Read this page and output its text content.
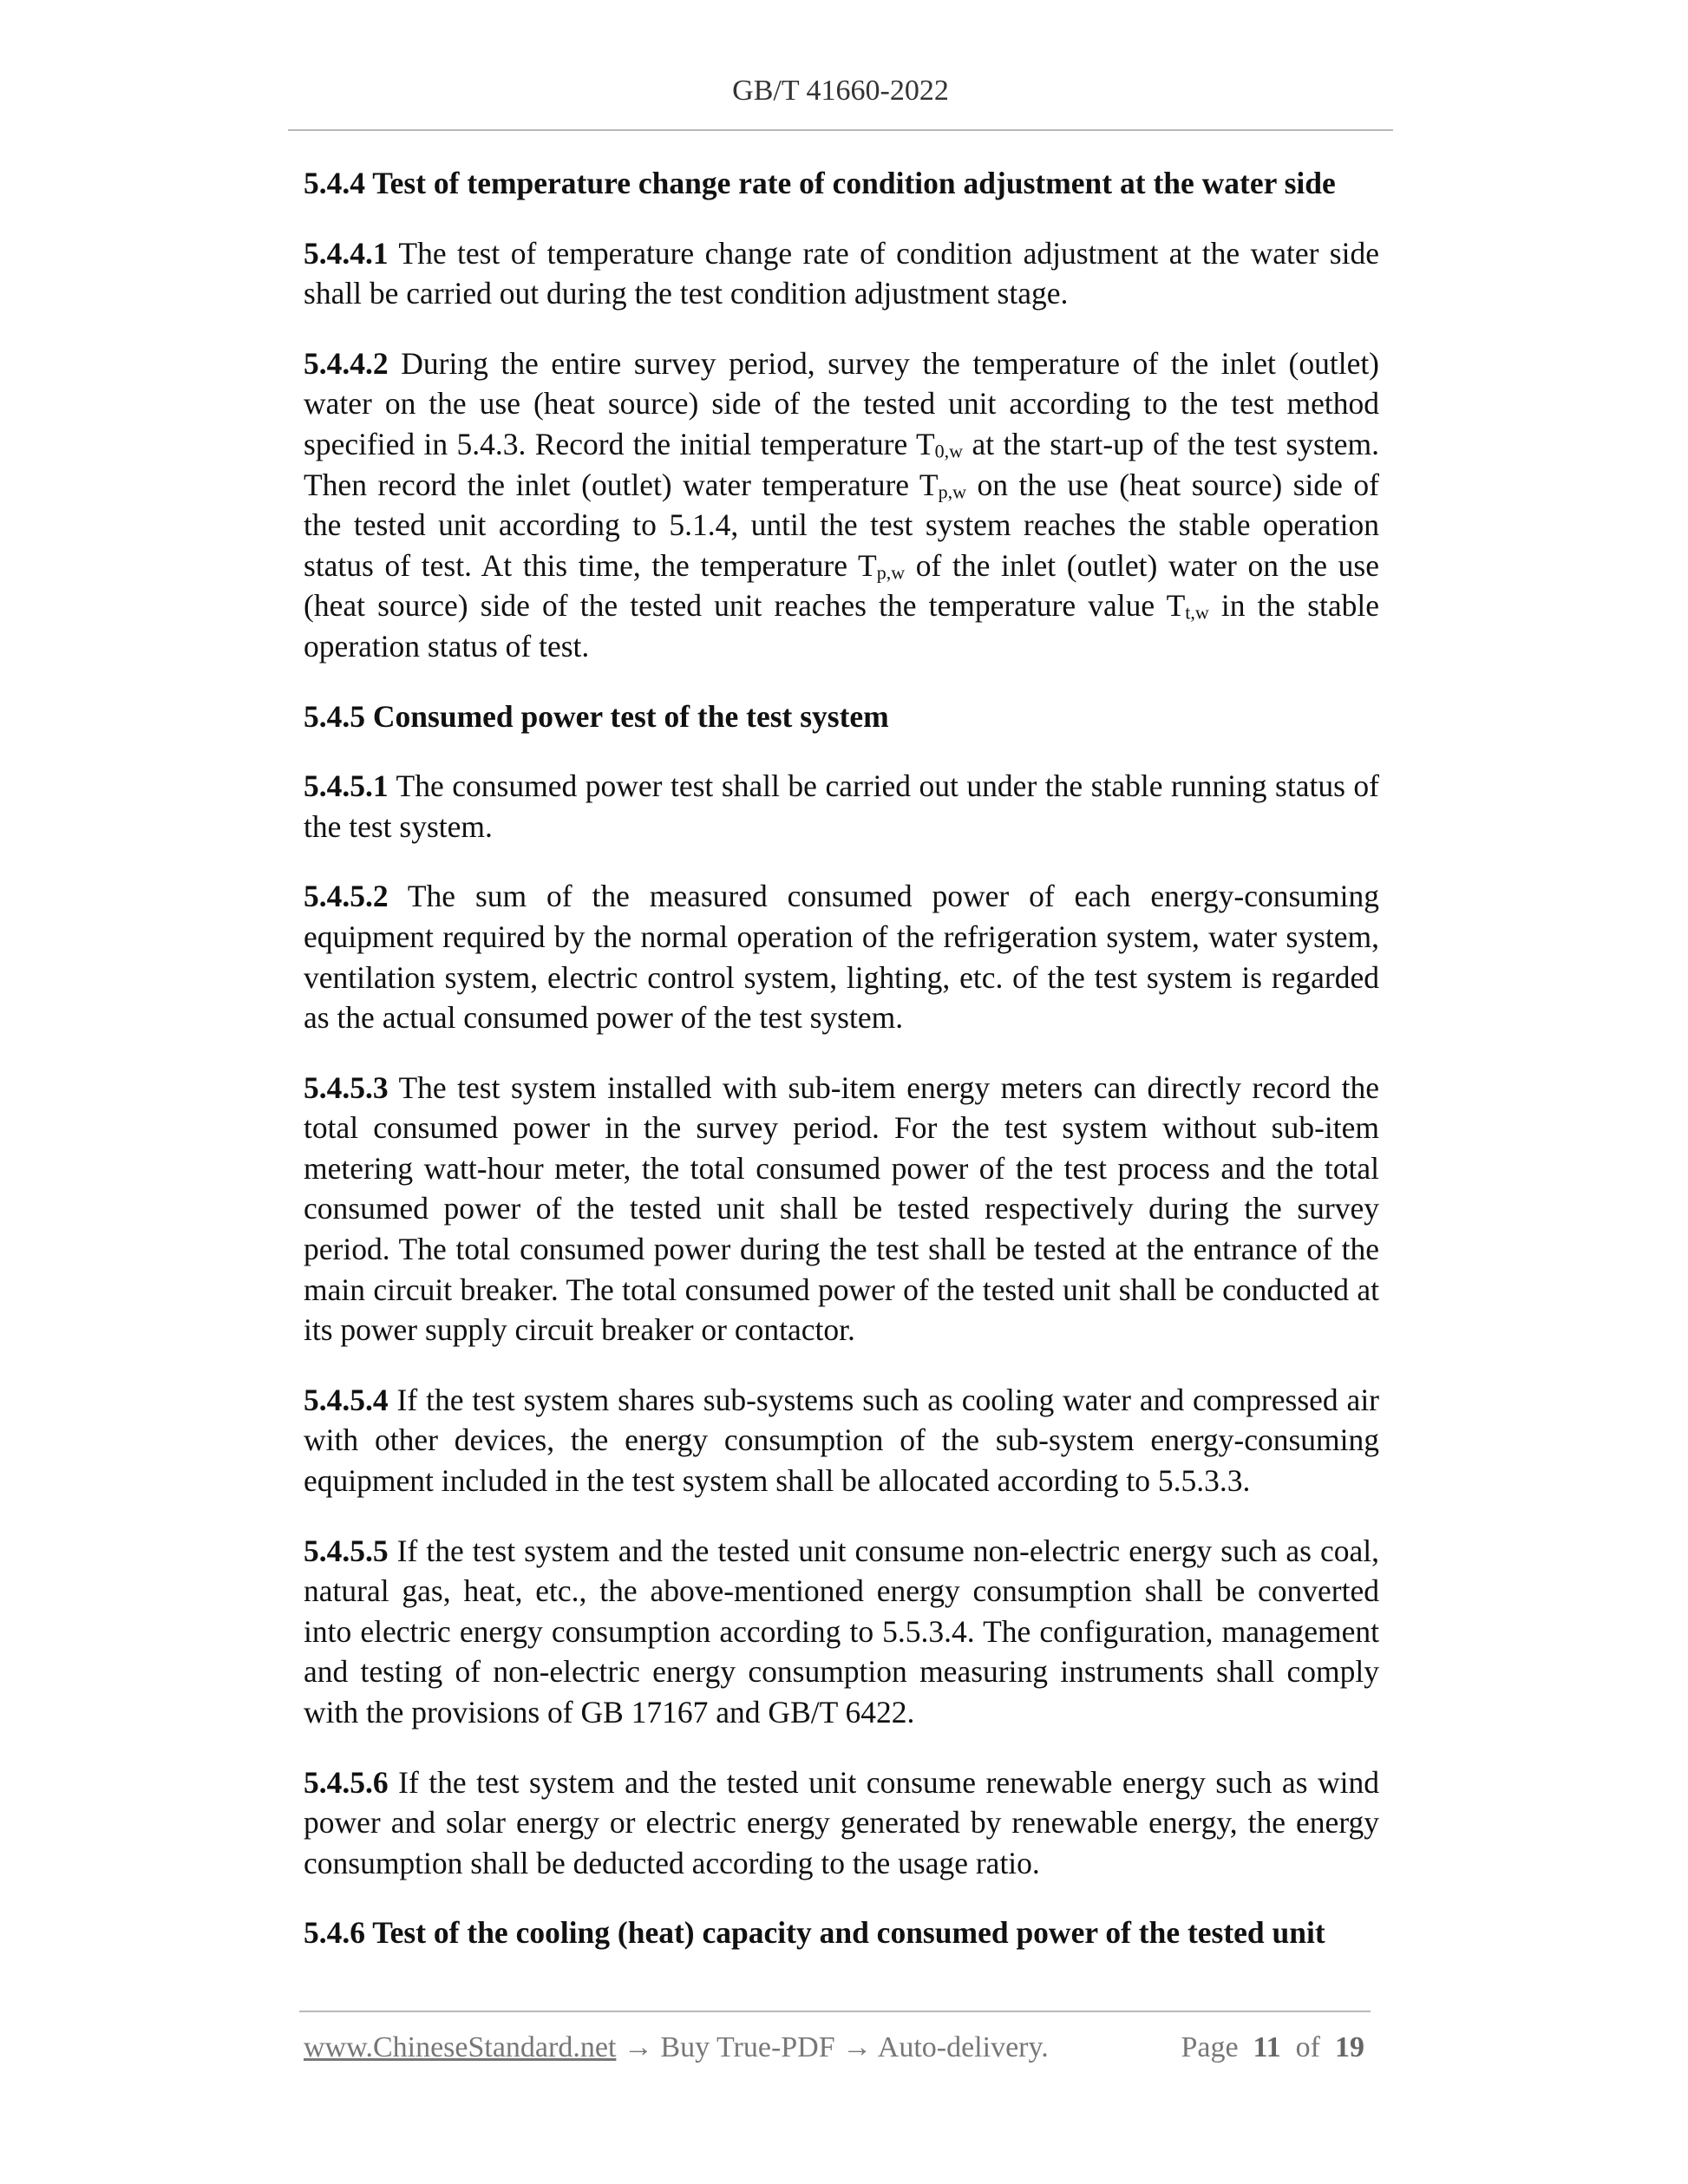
GB/T 41660-2022

5.4.4 Test of temperature change rate of condition adjustment at the water side

5.4.4.1 The test of temperature change rate of condition adjustment at the water side shall be carried out during the test condition adjustment stage.

5.4.4.2 During the entire survey period, survey the temperature of the inlet (outlet) water on the use (heat source) side of the tested unit according to the test method specified in 5.4.3. Record the initial temperature $T_{0,w}$ at the start-up of the test system. Then record the inlet (outlet) water temperature $T_{p,w}$ on the use (heat source) side of the tested unit according to 5.1.4, until the test system reaches the stable operation status of test. At this time, the temperature $T_{p,w}$ of the inlet (outlet) water on the use (heat source) side of the tested unit reaches the temperature value $T_{t,w}$ in the stable operation status of test.

5.4.5 Consumed power test of the test system

5.4.5.1 The consumed power test shall be carried out under the stable running status of the test system.

5.4.5.2 The sum of the measured consumed power of each energy-consuming equipment required by the normal operation of the refrigeration system, water system, ventilation system, electric control system, lighting, etc. of the test system is regarded as the actual consumed power of the test system.

5.4.5.3 The test system installed with sub-item energy meters can directly record the total consumed power in the survey period. For the test system without sub-item metering watt-hour meter, the total consumed power of the test process and the total consumed power of the tested unit shall be tested respectively during the survey period. The total consumed power during the test shall be tested at the entrance of the main circuit breaker. The total consumed power of the tested unit shall be conducted at its power supply circuit breaker or contactor.

5.4.5.4 If the test system shares sub-systems such as cooling water and compressed air with other devices, the energy consumption of the sub-system energy-consuming equipment included in the test system shall be allocated according to 5.5.3.3.

5.4.5.5 If the test system and the tested unit consume non-electric energy such as coal, natural gas, heat, etc., the above-mentioned energy consumption shall be converted into electric energy consumption according to 5.5.3.4. The configuration, management and testing of non-electric energy consumption measuring instruments shall comply with the provisions of GB 17167 and GB/T 6422.

5.4.5.6 If the test system and the tested unit consume renewable energy such as wind power and solar energy or electric energy generated by renewable energy, the energy consumption shall be deducted according to the usage ratio.

5.4.6 Test of the cooling (heat) capacity and consumed power of the tested unit

www.ChineseStandard.net → Buy True-PDF → Auto-delivery.	Page 11 of 19
